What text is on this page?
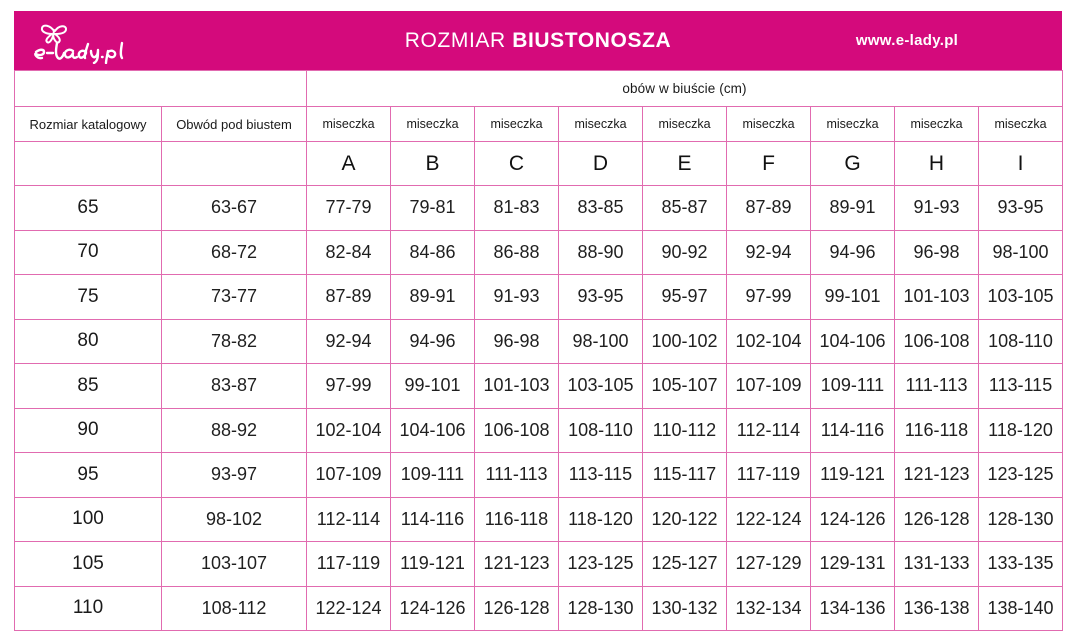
ROZMIAR BIUSTONOSZA	www.e-lady.pl
		obów w biuście (cm)								
Rozmiar katalogowy	Obwód pod biustem	miseczka	miseczka	miseczka	miseczka	miseczka	miseczka	miseczka	miseczka	miseczka
		A	B	C	D	E	F	G	H	I
65	63-67	77-79	79-81	81-83	83-85	85-87	87-89	89-91	91-93	93-95
70	68-72	82-84	84-86	86-88	88-90	90-92	92-94	94-96	96-98	98-100
75	73-77	87-89	89-91	91-93	93-95	95-97	97-99	99-101	101-103	103-105
80	78-82	92-94	94-96	96-98	98-100	100-102	102-104	104-106	106-108	108-110
85	83-87	97-99	99-101	101-103	103-105	105-107	107-109	109-111	111-113	113-115
90	88-92	102-104	104-106	106-108	108-110	110-112	112-114	114-116	116-118	118-120
95	93-97	107-109	109-111	111-113	113-115	115-117	117-119	119-121	121-123	123-125
100	98-102	112-114	114-116	116-118	118-120	120-122	122-124	124-126	126-128	128-130
105	103-107	117-119	119-121	121-123	123-125	125-127	127-129	129-131	131-133	133-135
110	108-112	122-124	124-126	126-128	128-130	130-132	132-134	134-136	136-138	138-140
